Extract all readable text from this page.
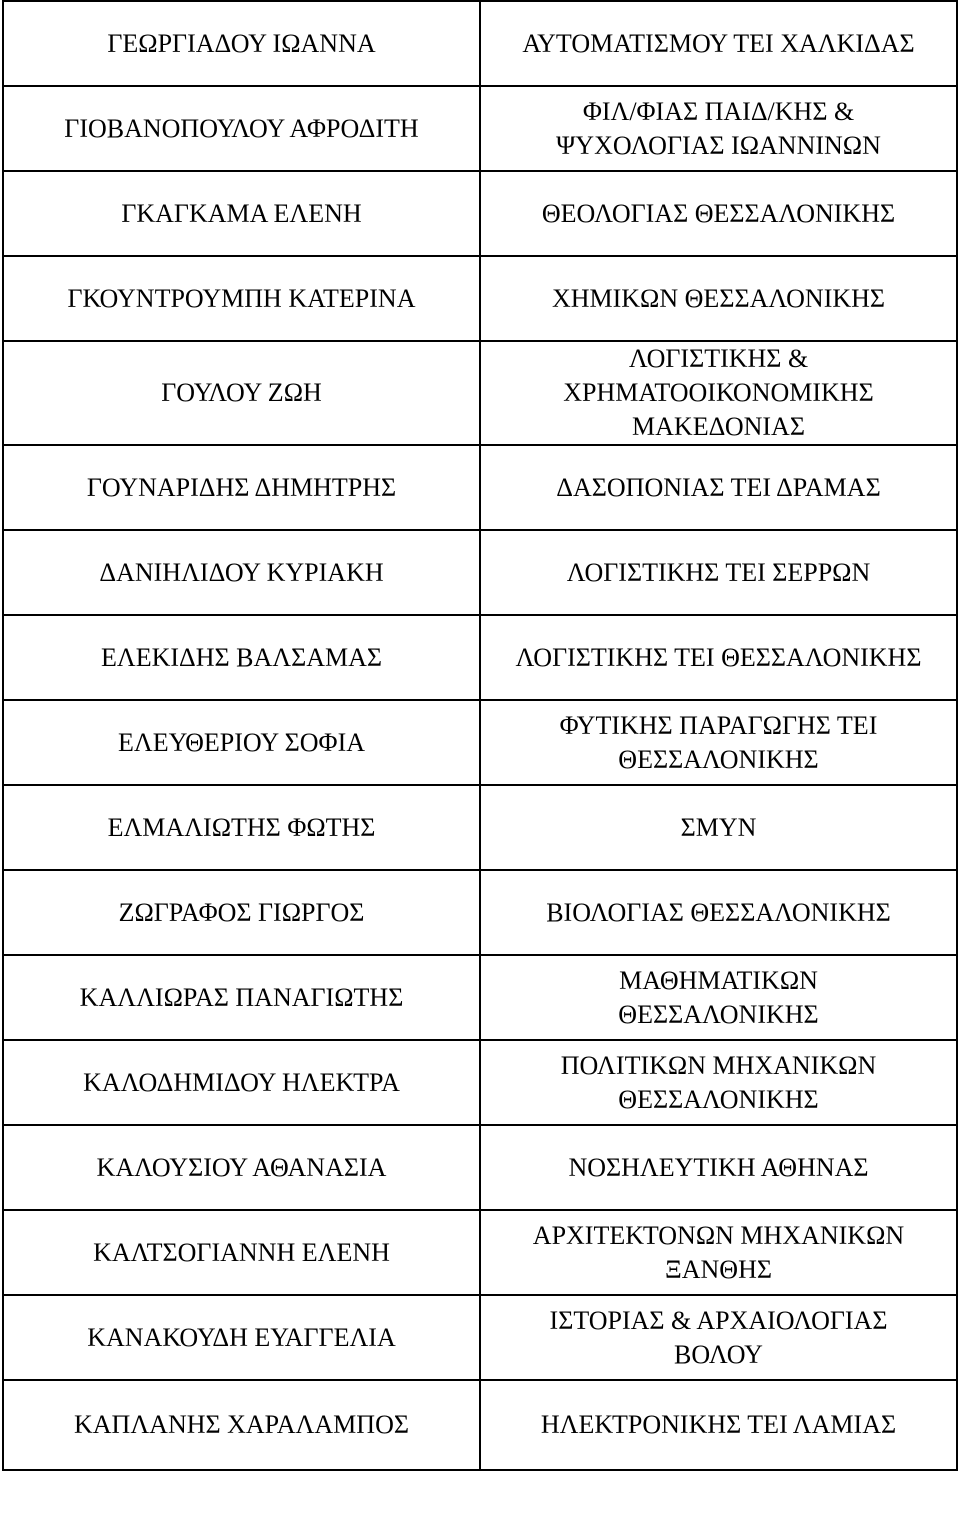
ΓΕΩΡΓΙΑΔΟΥ ΙΩΑΝΝΑ	ΑΥΤΟΜΑΤΙΣΜΟΥ ΤΕΙ ΧΑΛΚΙΔΑΣ
ΓΙΟΒΑΝΟΠΟΥΛΟΥ ΑΦΡΟΔΙΤΗ	ΦΙΛ/ΦΙΑΣ ΠΑΙΔ/ΚΗΣ &
ΨΥΧΟΛΟΓΙΑΣ ΙΩΑΝΝΙΝΩΝ
ΓΚΑΓΚΑΜΑ ΕΛΕΝΗ	ΘΕΟΛΟΓΙΑΣ ΘΕΣΣΑΛΟΝΙΚΗΣ
ΓΚΟΥΝΤΡΟΥΜΠΗ ΚΑΤΕΡΙΝΑ	ΧΗΜΙΚΩΝ ΘΕΣΣΑΛΟΝΙΚΗΣ
ΓΟΥΛΟΥ ΖΩΗ	ΛΟΓΙΣΤΙΚΗΣ &
ΧΡΗΜΑΤΟΟΙΚΟΝΟΜΙΚΗΣ
ΜΑΚΕΔΟΝΙΑΣ
ΓΟΥΝΑΡΙΔΗΣ ΔΗΜΗΤΡΗΣ	ΔΑΣΟΠΟΝΙΑΣ ΤΕΙ ΔΡΑΜΑΣ
ΔΑΝΙΗΛΙΔΟΥ ΚΥΡΙΑΚΗ	ΛΟΓΙΣΤΙΚΗΣ ΤΕΙ ΣΕΡΡΩΝ
ΕΛΕΚΙΔΗΣ ΒΑΛΣΑΜΑΣ	ΛΟΓΙΣΤΙΚΗΣ ΤΕΙ ΘΕΣΣΑΛΟΝΙΚΗΣ
ΕΛΕΥΘΕΡΙΟΥ ΣΟΦΙΑ	ΦΥΤΙΚΗΣ ΠΑΡΑΓΩΓΗΣ ΤΕΙ
ΘΕΣΣΑΛΟΝΙΚΗΣ
ΕΛΜΑΛΙΩΤΗΣ ΦΩΤΗΣ	ΣΜΥΝ
ΖΩΓΡΑΦΟΣ ΓΙΩΡΓΟΣ	ΒΙΟΛΟΓΙΑΣ ΘΕΣΣΑΛΟΝΙΚΗΣ
ΚΑΛΛΙΩΡΑΣ ΠΑΝΑΓΙΩΤΗΣ	ΜΑΘΗΜΑΤΙΚΩΝ
ΘΕΣΣΑΛΟΝΙΚΗΣ
ΚΑΛΟΔΗΜΙΔΟΥ ΗΛΕΚΤΡΑ	ΠΟΛΙΤΙΚΩΝ ΜΗΧΑΝΙΚΩΝ
ΘΕΣΣΑΛΟΝΙΚΗΣ
ΚΑΛΟΥΣΙΟΥ ΑΘΑΝΑΣΙΑ	ΝΟΣΗΛΕΥΤΙΚΗ ΑΘΗΝΑΣ
ΚΑΛΤΣΟΓΙΑΝΝΗ ΕΛΕΝΗ	ΑΡΧΙΤΕΚΤΟΝΩΝ ΜΗΧΑΝΙΚΩΝ
ΞΑΝΘΗΣ
ΚΑΝΑΚΟΥΔΗ ΕΥΑΓΓΕΛΙΑ	ΙΣΤΟΡΙΑΣ & ΑΡΧΑΙΟΛΟΓΙΑΣ
ΒΟΛΟΥ
ΚΑΠΛΑΝΗΣ ΧΑΡΑΛΑΜΠΟΣ	ΗΛΕΚΤΡΟΝΙΚΗΣ ΤΕΙ ΛΑΜΙΑΣ
